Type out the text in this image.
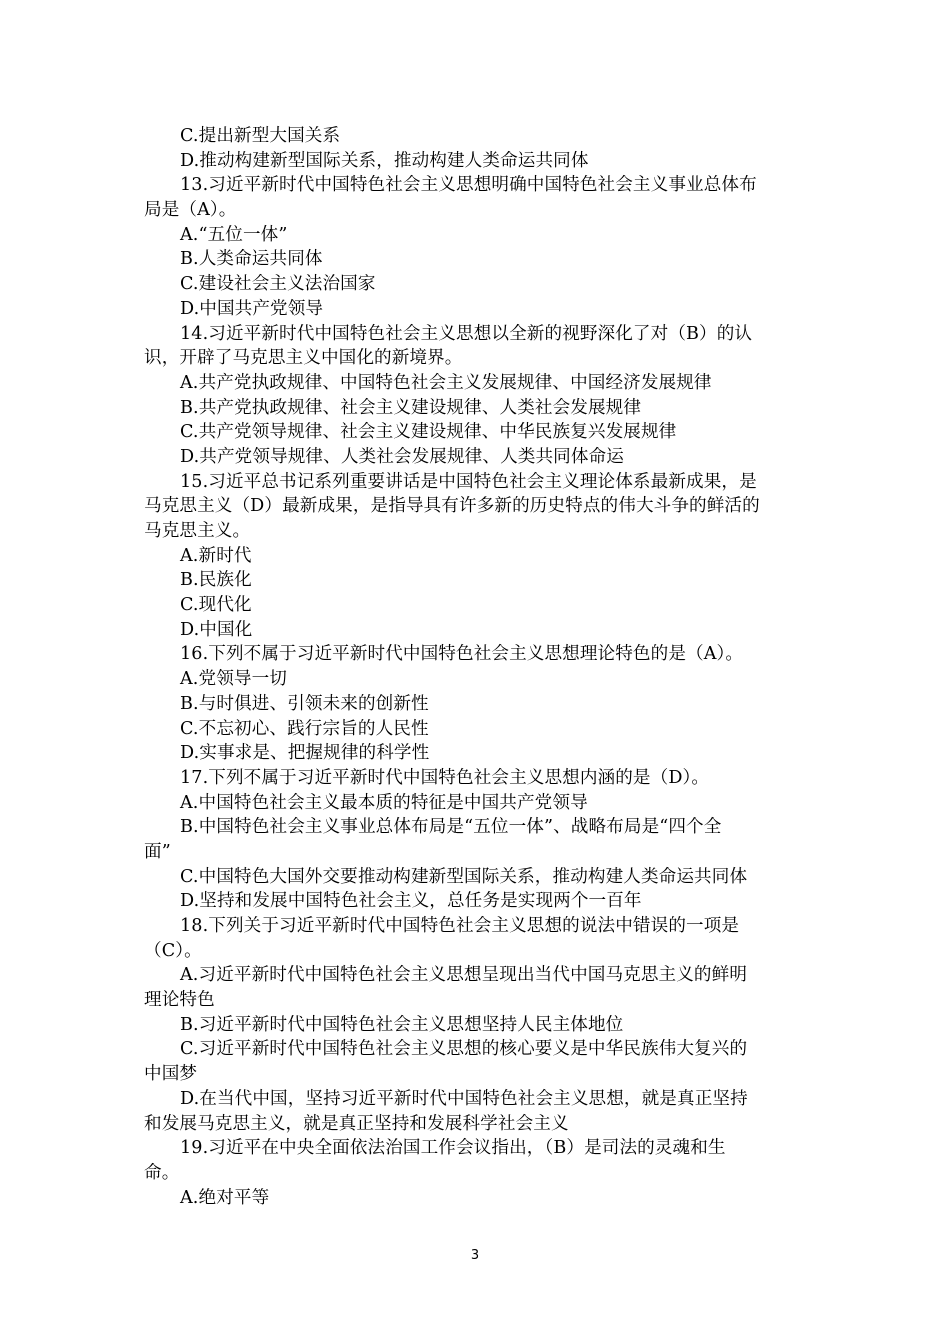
C.提出新型大国关系
D.推动构建新型国际关系，推动构建人类命运共同体
13.习近平新时代中国特色社会主义思想明确中国特色社会主义事业总体布
局是（A）。
A.“五位一体”
B.人类命运共同体
C.建设社会主义法治国家
D.中国共产党领导
14.习近平新时代中国特色社会主义思想以全新的视野深化了对（B）的认
识，开辟了马克思主义中国化的新境界。
A.共产党执政规律、中国特色社会主义发展规律、中国经济发展规律
B.共产党执政规律、社会主义建设规律、人类社会发展规律
C.共产党领导规律、社会主义建设规律、中华民族复兴发展规律
D.共产党领导规律、人类社会发展规律、人类共同体命运
15.习近平总书记系列重要讲话是中国特色社会主义理论体系最新成果，是
马克思主义（D）最新成果，是指导具有许多新的历史特点的伟大斗争的鲜活的
马克思主义。
A.新时代
B.民族化
C.现代化
D.中国化
16.下列不属于习近平新时代中国特色社会主义思想理论特色的是（A）。
A.党领导一切
B.与时俱进、引领未来的创新性
C.不忘初心、践行宗旨的人民性
D.实事求是、把握规律的科学性
17.下列不属于习近平新时代中国特色社会主义思想内涵的是（D）。
A.中国特色社会主义最本质的特征是中国共产党领导
B.中国特色社会主义事业总体布局是“五位一体”、战略布局是“四个全
面”
C.中国特色大国外交要推动构建新型国际关系，推动构建人类命运共同体
D.坚持和发展中国特色社会主义，总任务是实现两个一百年
18.下列关于习近平新时代中国特色社会主义思想的说法中错误的一项是
（C）。
A.习近平新时代中国特色社会主义思想呈现出当代中国马克思主义的鲜明
理论特色
B.习近平新时代中国特色社会主义思想坚持人民主体地位
C.习近平新时代中国特色社会主义思想的核心要义是中华民族伟大复兴的
中国梦
D.在当代中国，坚持习近平新时代中国特色社会主义思想，就是真正坚持
和发展马克思主义，就是真正坚持和发展科学社会主义
19.习近平在中央全面依法治国工作会议指出，（B）是司法的灵魂和生
命。
A.绝对平等
3
